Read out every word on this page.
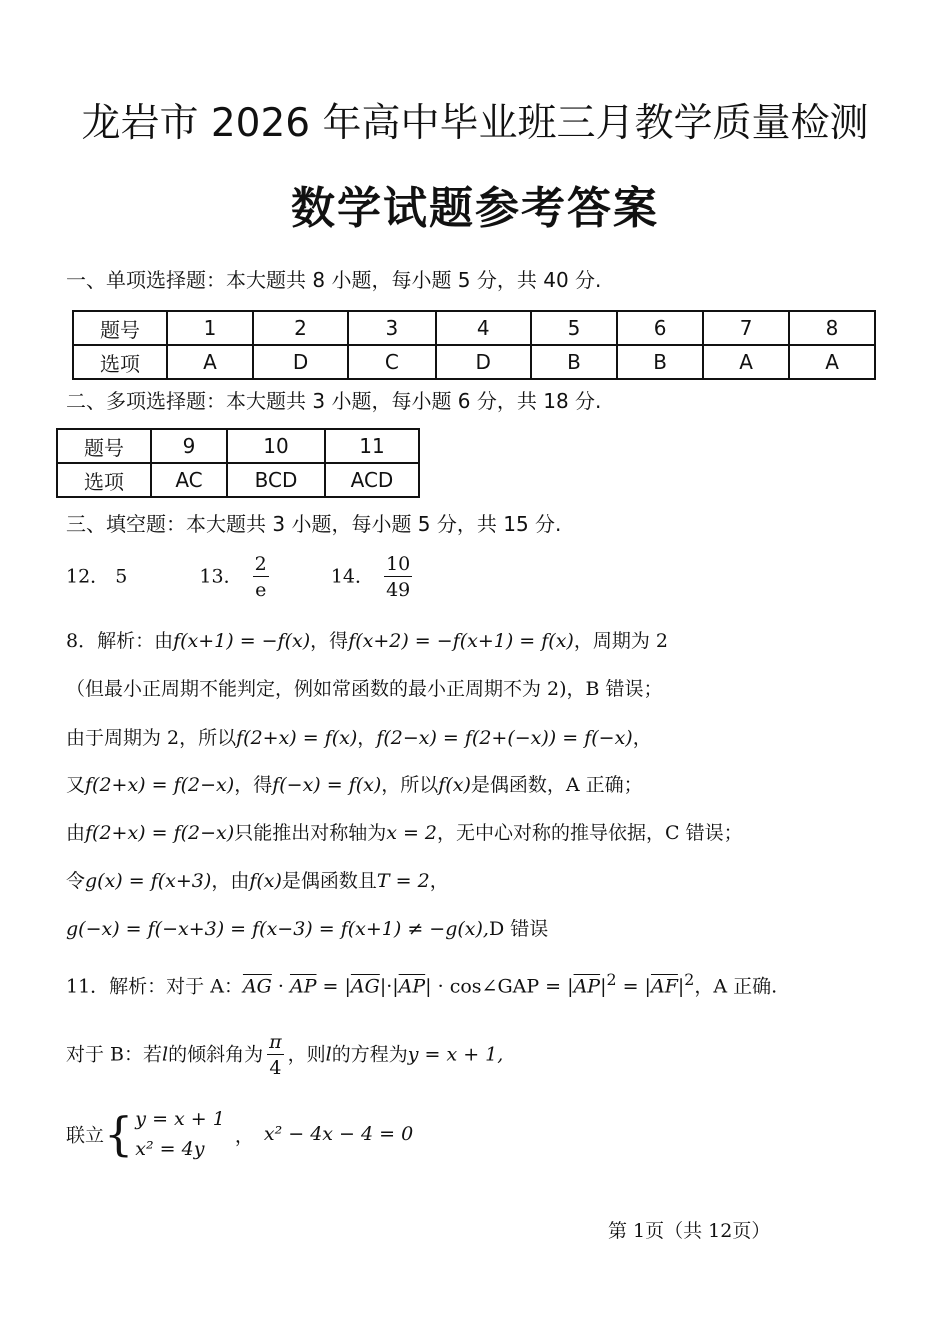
龙岩市 2026 年高中毕业班三月教学质量检测
数学试题参考答案
一、单项选择题：本大题共 8 小题，每小题 5 分，共 40 分.
题号	1	2	3	4	5	6	7	8
选项	A	D	C	D	B	B	A	A
二、多项选择题：本大题共 3 小题，每小题 6 分，共 18 分.
题号	9	10	11
选项	AC	BCD	ACD
三、填空题：本大题共 3 小题，每小题 5 分，共 15 分.
12． 5	13． $\frac{2}{e}$	14． $\frac{10}{49}$
8．解析：由f(x+1) = −f(x)，得f(x+2) = −f(x+1) = f(x)，周期为 2
（但最小正周期不能判定，例如常函数的最小正周期不为 2)，B 错误；
由于周期为 2，所以f(2+x) = f(x)，f(2−x) = f(2+(−x)) = f(−x)，
又f(2+x) = f(2−x)，得f(−x) = f(x)，所以f(x)是偶函数，A 正确；
由f(2+x) = f(2−x)只能推出对称轴为x = 2，无中心对称的推导依据，C 错误；
令g(x) = f(x+3)，由f(x)是偶函数且T = 2，
g(−x) = f(−x+3) = f(x−3) = f(x+1) ≠ −g(x),D 错误
11．解析：对于 A：$\overline{AG} \cdot \overline{AP} = |\overline{AG}|\cdot|\overline{AP}|$ · cos∠GAP = $|\overline{AP}|^2 = |\overline{AF}|^2$，A 正确.
对于 B：若l的倾斜角为 $\frac{\pi}{4}$ ，则l的方程为y = x + 1,
联立{ y = x + 1
x² = 4y
， x² − 4x − 4 = 0
第 1页（共 12页）
